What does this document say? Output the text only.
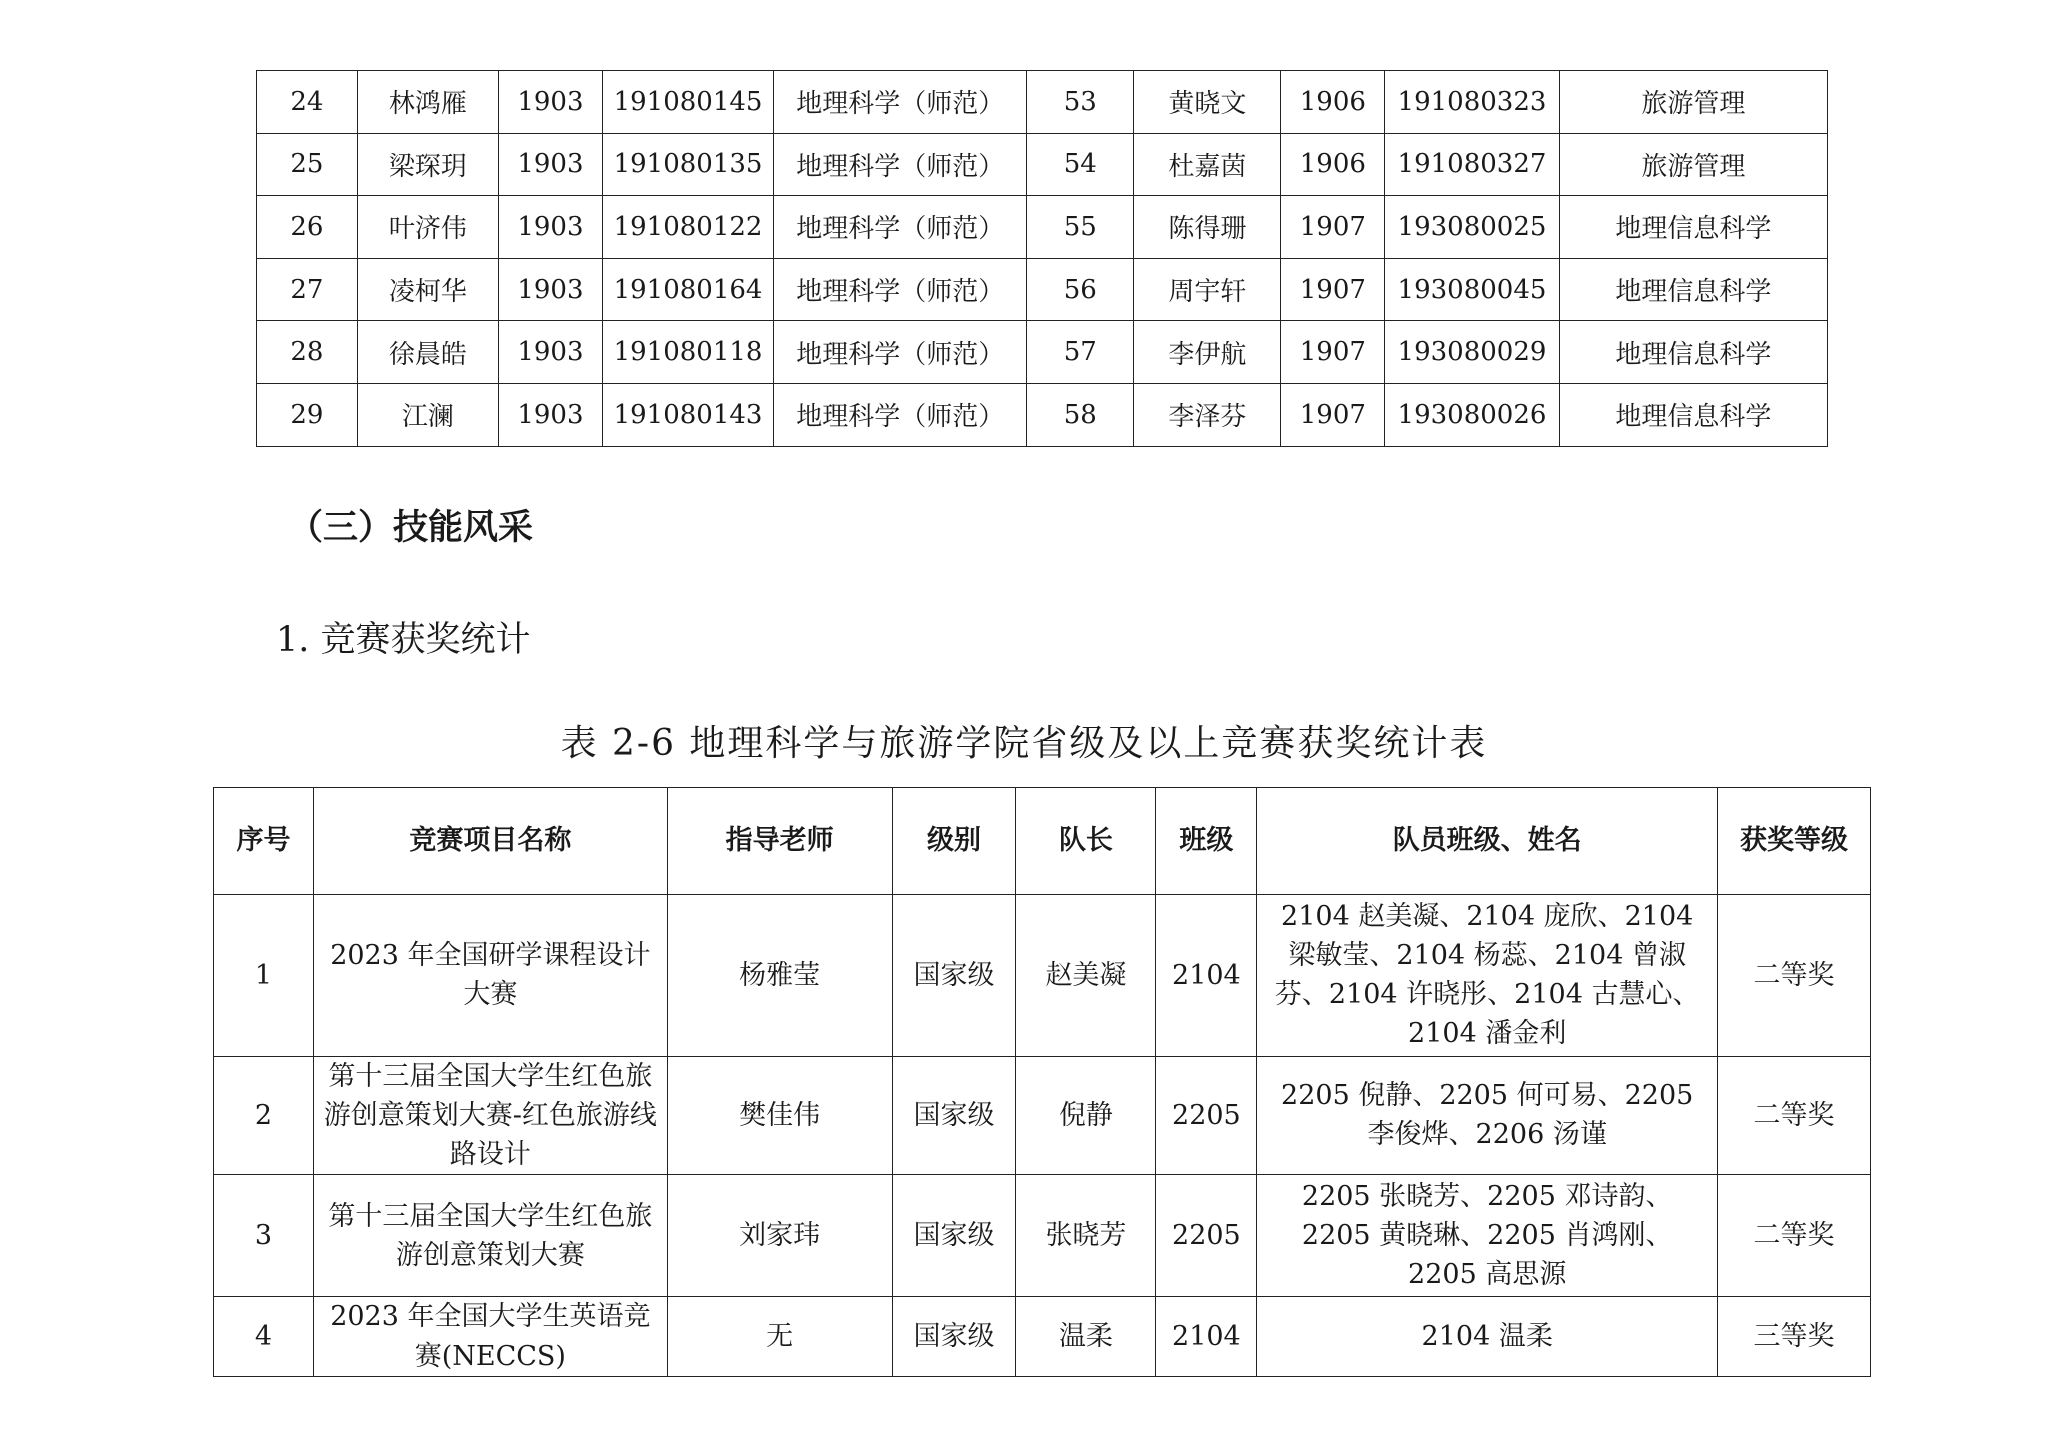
24	林鸿雁	1903	191080145	地理科学（师范）	53	黄晓文	1906	191080323	旅游管理
25	梁琛玥	1903	191080135	地理科学（师范）	54	杜嘉茵	1906	191080327	旅游管理
26	叶济伟	1903	191080122	地理科学（师范）	55	陈得珊	1907	193080025	地理信息科学
27	凌柯华	1903	191080164	地理科学（师范）	56	周宇轩	1907	193080045	地理信息科学
28	徐晨皓	1903	191080118	地理科学（师范）	57	李伊航	1907	193080029	地理信息科学
29	江澜	1903	191080143	地理科学（师范）	58	李泽芬	1907	193080026	地理信息科学
（三）技能风采
1. 竞赛获奖统计

表 2-6 地理科学与旅游学院省级及以上竞赛获奖统计表

序号	竞赛项目名称	指导老师	级别	队长	班级	队员班级、姓名	获奖等级
1	2023 年全国研学课程设计大赛	杨雅莹	国家级	赵美凝	2104	2104 赵美凝、2104 庞欣、2104 梁敏莹、2104 杨蕊、2104 曾淑芬、2104 许晓彤、2104 古慧心、2104 潘金利	二等奖
2	第十三届全国大学生红色旅游创意策划大赛-红色旅游线路设计	樊佳伟	国家级	倪静	2205	2205 倪静、2205 何可易、2205 李俊烨、2206 汤谨	二等奖
3	第十三届全国大学生红色旅游创意策划大赛	刘家玮	国家级	张晓芳	2205	2205 张晓芳、2205 邓诗韵、2205 黄晓琳、2205 肖鸿刚、2205 高思源	二等奖
4	2023 年全国大学生英语竞赛(NECCS)	无	国家级	温柔	2104	2104 温柔	三等奖
